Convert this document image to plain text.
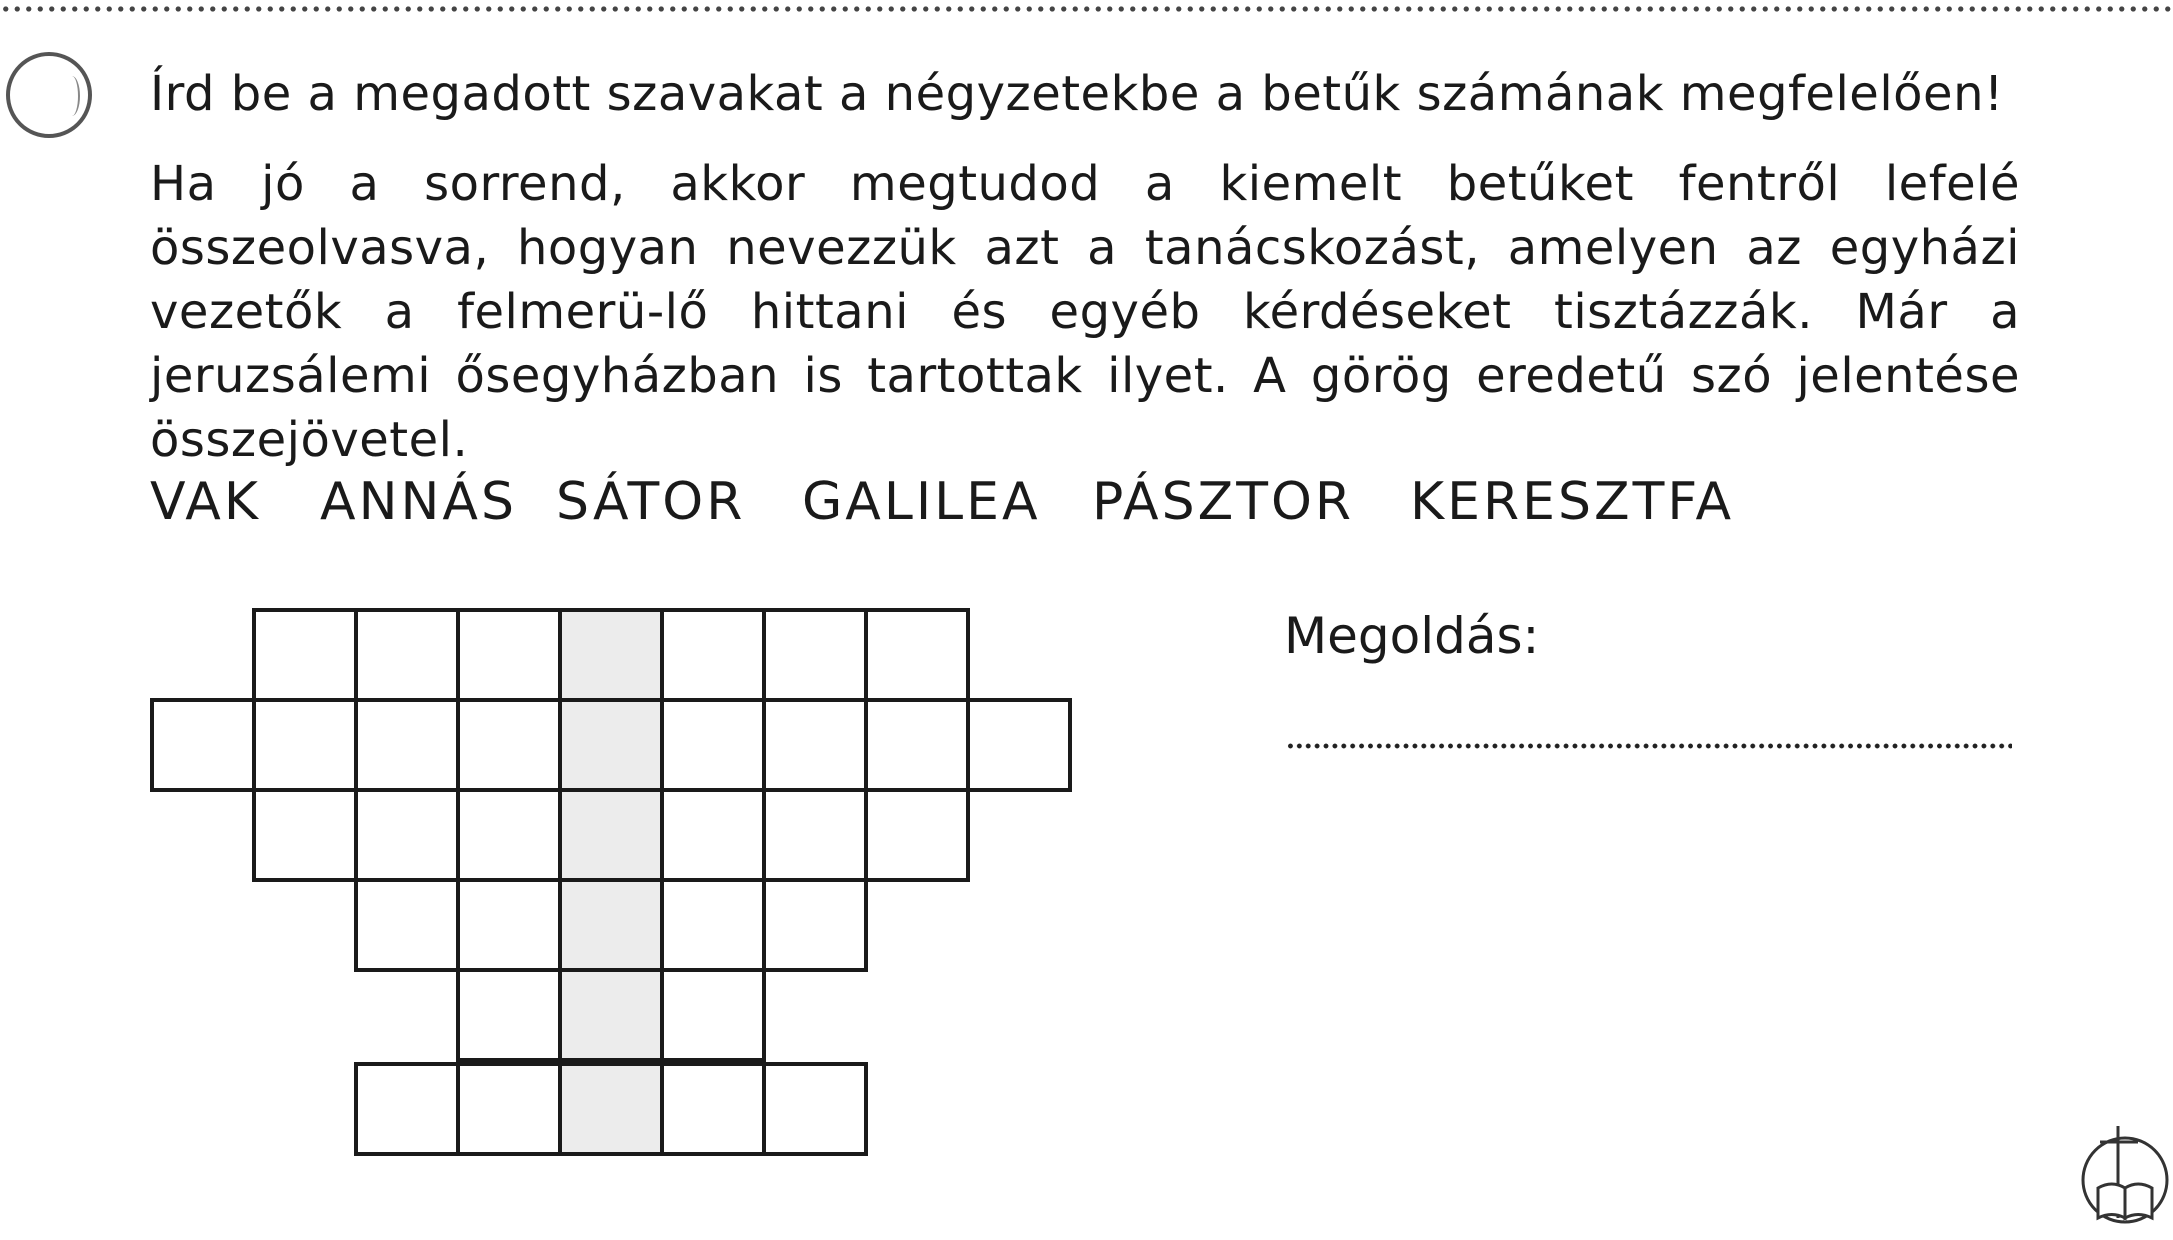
Írd be a megadott szavakat a négyzetekbe a betűk számának megfelelően!
Ha jó a sorrend, akkor megtudod a kiemelt betűket fentről lefelé összeolvasva, hogyan nevezzük azt a tanácskozást, amelyen az egyházi vezetők a felmerü-lő hittani és egyéb kérdéseket tisztázzák. Már a jeruzsálemi ősegyházban is tartottak ilyet. A görög eredetű szó jelentése összejövetel.
VAK	ANNÁS SÁTOR	GALILEA PÁSZTOR	KERESZTFA
Megoldás:
